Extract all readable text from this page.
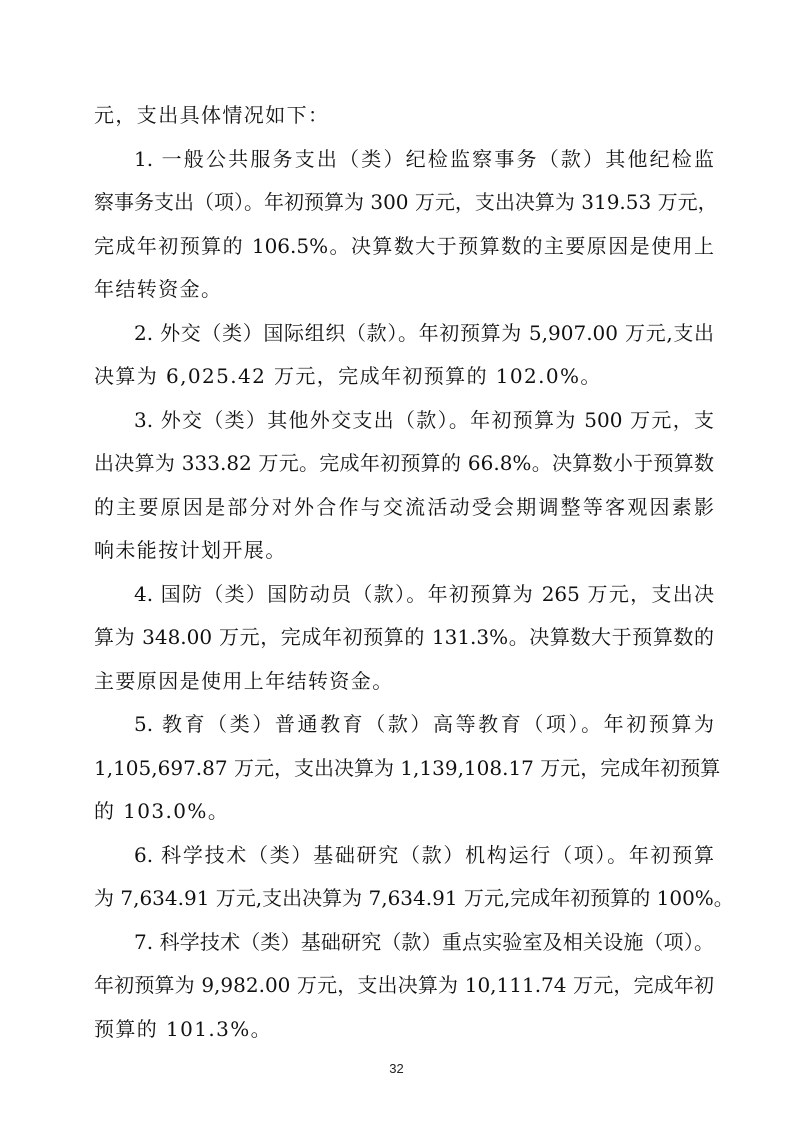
元，支出具体情况如下：
1. 一般公共服务支出（类）纪检监察事务（款）其他纪检监
察事务支出（项）。年初预算为 300 万元，支出决算为 319.53 万元，
完成年初预算的 106.5%。决算数大于预算数的主要原因是使用上
年结转资金。
2. 外交（类）国际组织（款）。年初预算为 5,907.00 万元,支出
决算为 6,025.42 万元，完成年初预算的 102.0%。
3. 外交（类）其他外交支出（款）。年初预算为 500 万元，支
出决算为 333.82 万元。完成年初预算的 66.8%。决算数小于预算数
的主要原因是部分对外合作与交流活动受会期调整等客观因素影
响未能按计划开展。
4. 国防（类）国防动员（款）。年初预算为 265 万元，支出决
算为 348.00 万元，完成年初预算的 131.3%。决算数大于预算数的
主要原因是使用上年结转资金。
5. 教育（类）普通教育（款）高等教育（项）。年初预算为
1,105,697.87 万元，支出决算为 1,139,108.17 万元，完成年初预算
的 103.0%。
6. 科学技术（类）基础研究（款）机构运行（项）。年初预算
为 7,634.91 万元,支出决算为 7,634.91 万元,完成年初预算的 100%。
7. 科学技术（类）基础研究（款）重点实验室及相关设施（项）。
年初预算为 9,982.00 万元，支出决算为 10,111.74 万元，完成年初
预算的 101.3%。
32
